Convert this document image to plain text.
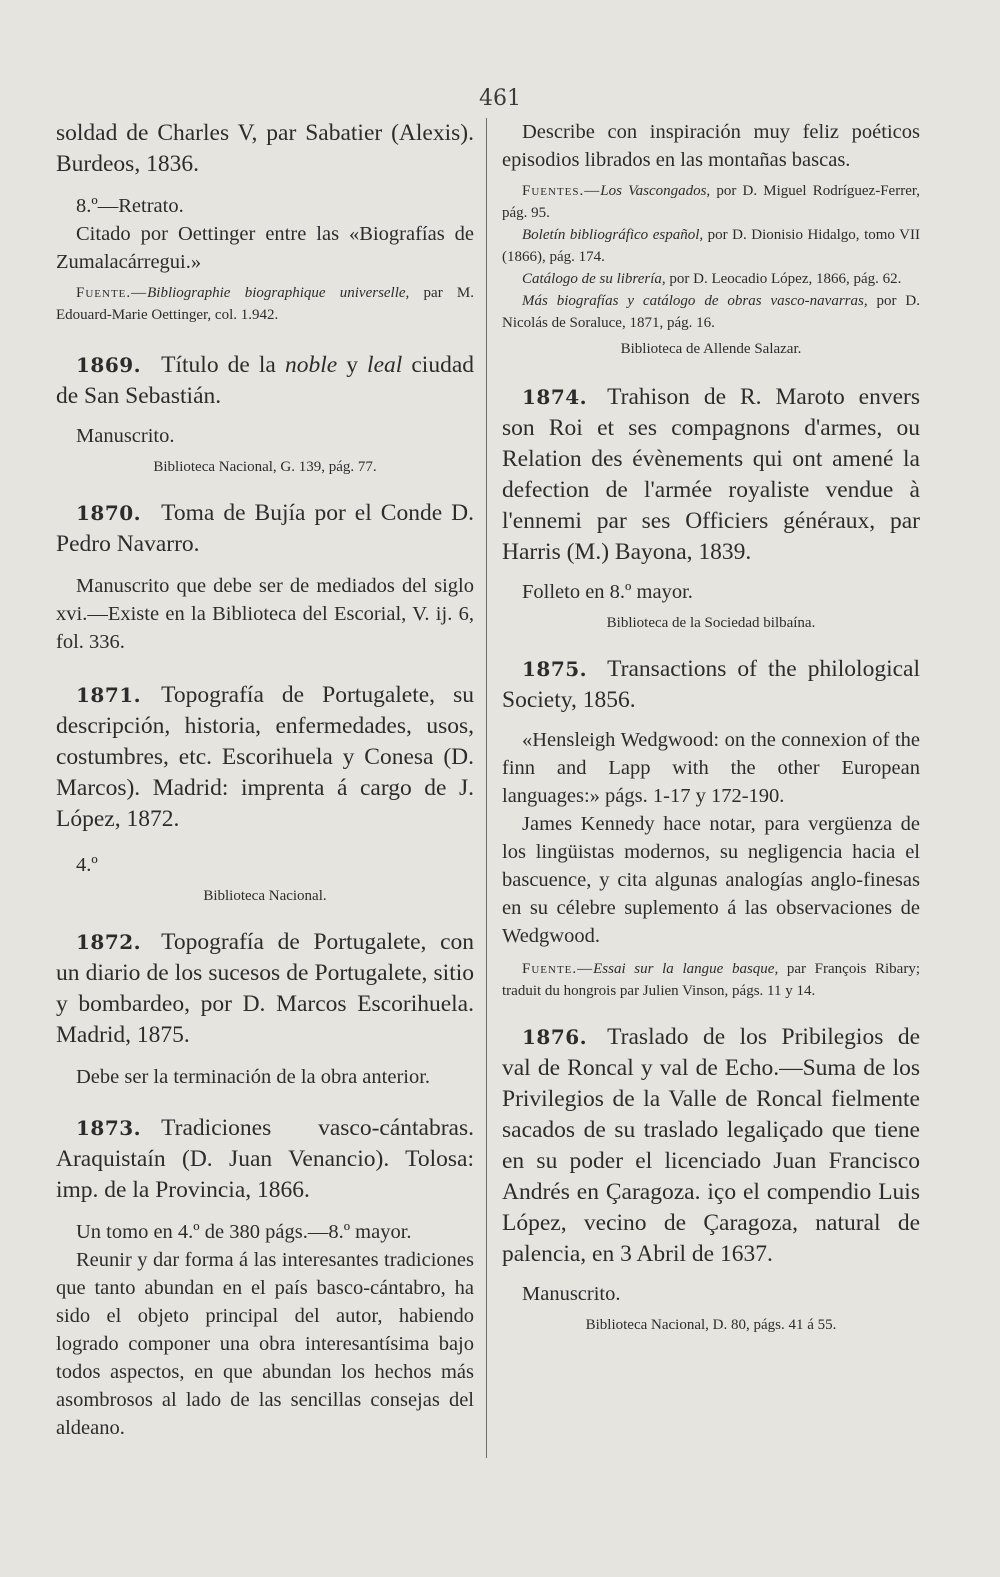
461

soldad de Charles V, par Sabatier (Alexis). Burdeos, 1836.

8.º—Retrato.

Citado por Oettinger entre las «Biografías de Zumalacárregui.»

Fuente.—Bibliographie biographique universelle, par M. Edouard-Marie Oettinger, col. 1.942.

1869. Título de la noble y leal ciudad de San Sebastián.

Manuscrito.

Biblioteca Nacional, G. 139, pág. 77.

1870. Toma de Bujía por el Conde D. Pedro Navarro.

Manuscrito que debe ser de mediados del siglo xvi.—Existe en la Biblioteca del Escorial, V. ij. 6, fol. 336.

1871. Topografía de Portugalete, su descripción, historia, enfermedades, usos, costumbres, etc. Escorihuela y Conesa (D. Marcos). Madrid: imprenta á cargo de J. López, 1872.

4.º

Biblioteca Nacional.

1872. Topografía de Portugalete, con un diario de los sucesos de Portugalete, sitio y bombardeo, por D. Marcos Escorihuela. Madrid, 1875.

Debe ser la terminación de la obra anterior.

1873. Tradiciones vasco-cántabras. Araquistaín (D. Juan Venancio). Tolosa: imp. de la Provincia, 1866.

Un tomo en 4.º de 380 págs.—8.º mayor.

Reunir y dar forma á las interesantes tradiciones que tanto abundan en el país basco-cántabro, ha sido el objeto principal del autor, habiendo logrado componer una obra interesantísima bajo todos aspectos, en que abundan los hechos más asombrosos al lado de las sencillas consejas del aldeano.

Describe con inspiración muy feliz poéticos episodios librados en las montañas bascas.

Fuentes.—Los Vascongados, por D. Miguel Rodríguez-Ferrer, pág. 95.

Boletín bibliográfico español, por D. Dionisio Hidalgo, tomo VII (1866), pág. 174.

Catálogo de su librería, por D. Leocadio López, 1866, pág. 62.

Más biografías y catálogo de obras vasco-navarras, por D. Nicolás de Soraluce, 1871, pág. 16.

Biblioteca de Allende Salazar.

1874. Trahison de R. Maroto envers son Roi et ses compagnons d'armes, ou Relation des évènements qui ont amené la defection de l'armée royaliste vendue à l'ennemi par ses Officiers généraux, par Harris (M.) Bayona, 1839.

Folleto en 8.º mayor.

Biblioteca de la Sociedad bilbaína.

1875. Transactions of the philological Society, 1856.

«Hensleigh Wedgwood: on the connexion of the finn and Lapp with the other European languages:» págs. 1-17 y 172-190.

James Kennedy hace notar, para vergüenza de los lingüistas modernos, su negligencia hacia el bascuence, y cita algunas analogías anglo-finesas en su célebre suplemento á las observaciones de Wedgwood.

Fuente.—Essai sur la langue basque, par François Ribary; traduit du hongrois par Julien Vinson, págs. 11 y 14.

1876. Traslado de los Pribilegios de val de Roncal y val de Echo.—Suma de los Privilegios de la Valle de Roncal fielmente sacados de su traslado legaliçado que tiene en su poder el licenciado Juan Francisco Andrés en Çaragoza. iço el compendio Luis López, vecino de Çaragoza, natural de palencia, en 3 Abril de 1637.

Manuscrito.

Biblioteca Nacional, D. 80, págs. 41 á 55.
